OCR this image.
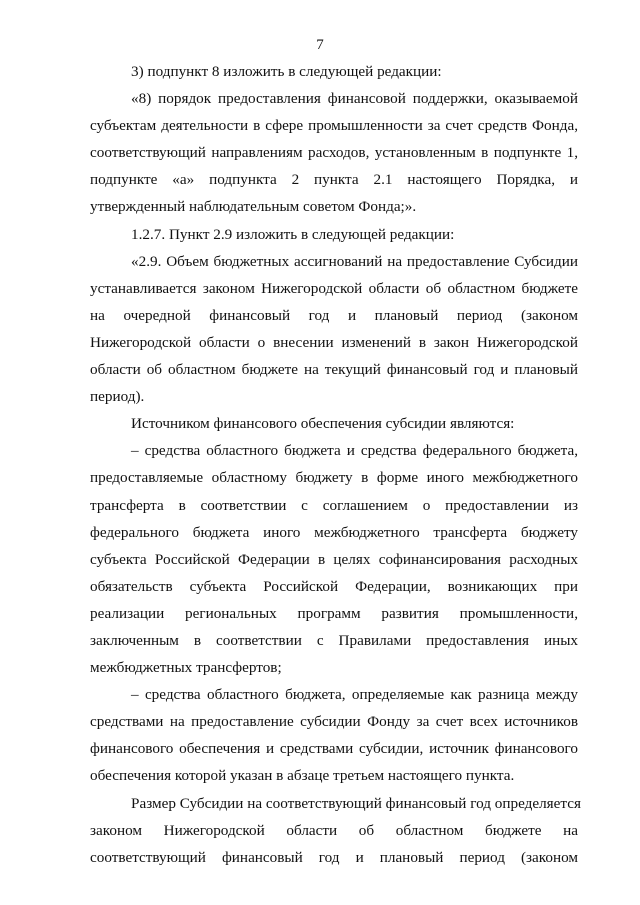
7
3) подпункт 8 изложить в следующей редакции:
«8) порядок предоставления финансовой поддержки, оказываемой
субъектам деятельности в сфере промышленности за счет средств Фонда,
соответствующий направлениям расходов, установленным в подпункте 1,
подпункте «а» подпункта 2 пункта 2.1 настоящего Порядка, и
утвержденный наблюдательным советом Фонда;».
1.2.7. Пункт 2.9 изложить в следующей редакции:
«2.9. Объем бюджетных ассигнований на предоставление Субсидии
устанавливается законом Нижегородской области об областном бюджете
на очередной финансовый год и плановый период (законом
Нижегородской области о внесении изменений в закон Нижегородской
области об областном бюджете на текущий финансовый год и плановый
период).
Источником финансового обеспечения субсидии являются:
– средства областного бюджета и средства федерального бюджета,
предоставляемые областному бюджету в форме иного межбюджетного
трансферта в соответствии с соглашением о предоставлении из
федерального бюджета иного межбюджетного трансферта бюджету
субъекта Российской Федерации в целях софинансирования расходных
обязательств субъекта Российской Федерации, возникающих при
реализации региональных программ развития промышленности,
заключенным в соответствии с Правилами предоставления иных
межбюджетных трансфертов;
– средства областного бюджета, определяемые как разница между
средствами на предоставление субсидии Фонду за счет всех источников
финансового обеспечения и средствами субсидии, источник финансового
обеспечения которой указан в абзаце третьем настоящего пункта.
Размер Субсидии на соответствующий финансовый год определяется
законом Нижегородской области об областном бюджете на
соответствующий финансовый год и плановый период (законом
